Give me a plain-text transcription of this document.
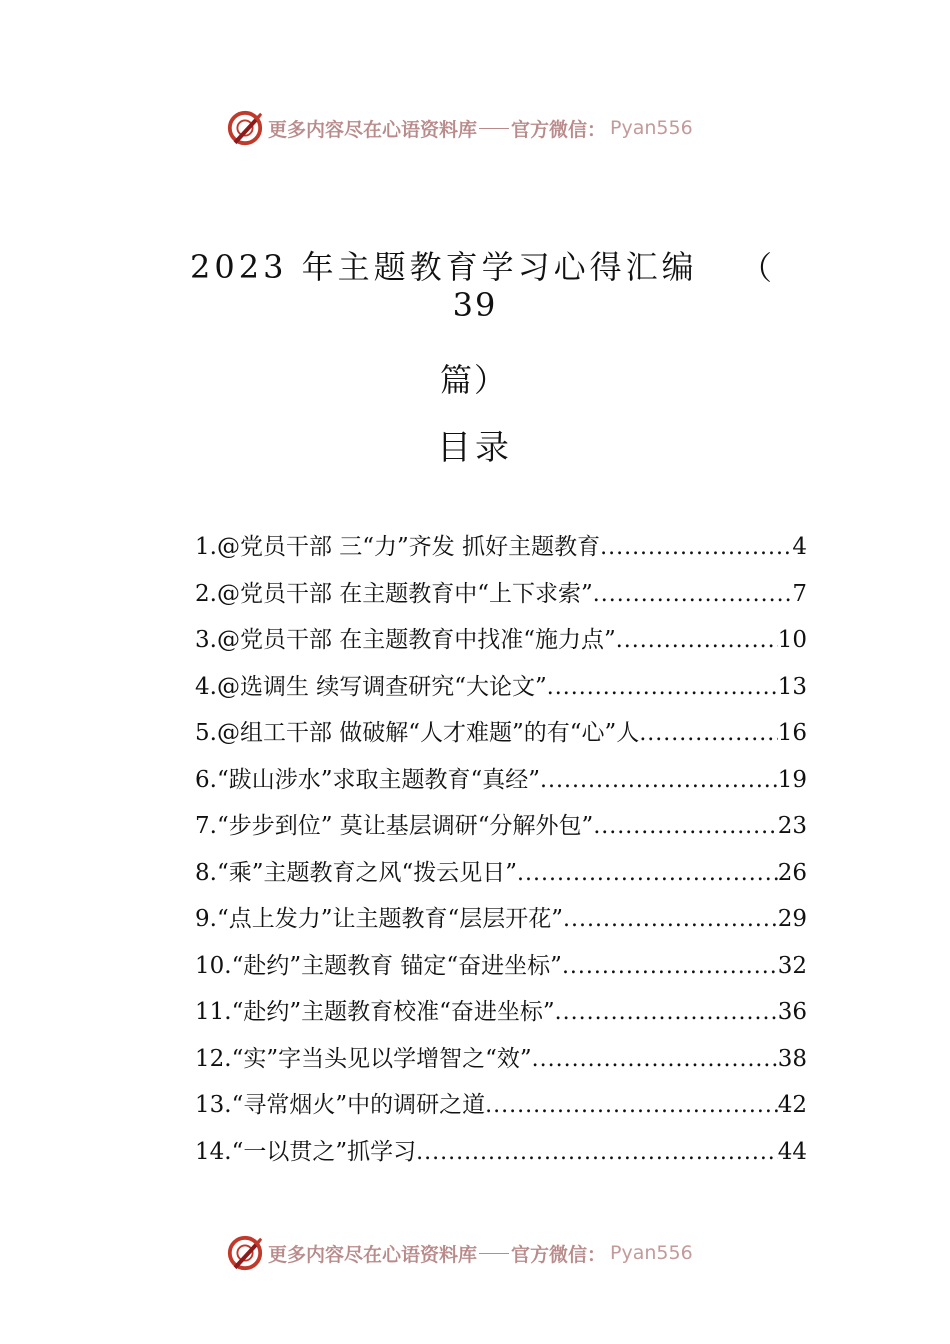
更多内容尽在心语资料库 官方微信： Pyan556
2023 年主题教育学习心得汇编 （
39
篇）
目录
1. @党员干部 三“力”齐发 抓好主题教育 .....	4
2. @党员干部 在主题教育中“上下求索” .....	7
3. @党员干部 在主题教育中找准“施力点” .....	10
4. @选调生 续写调查研究“大论文” .....	13
5. @组工干部 做破解“人才难题”的有“心”人 .....	16
6. “跋山涉水”求取主题教育“真经” .....	19
7. “步步到位” 莫让基层调研“分解外包” .....	23
8. “乘”主题教育之风“拨云见日” .....	26
9. “点上发力”让主题教育“层层开花” .....	29
10. “赴约”主题教育 锚定“奋进坐标” .....	32
11. “赴约”主题教育校准“奋进坐标” .....	36
12. “实”字当头见以学增智之“效” .....	38
13. “寻常烟火”中的调研之道 .....	42
14. “一以贯之”抓学习 .....	44
更多内容尽在心语资料库 官方微信： Pyan556
